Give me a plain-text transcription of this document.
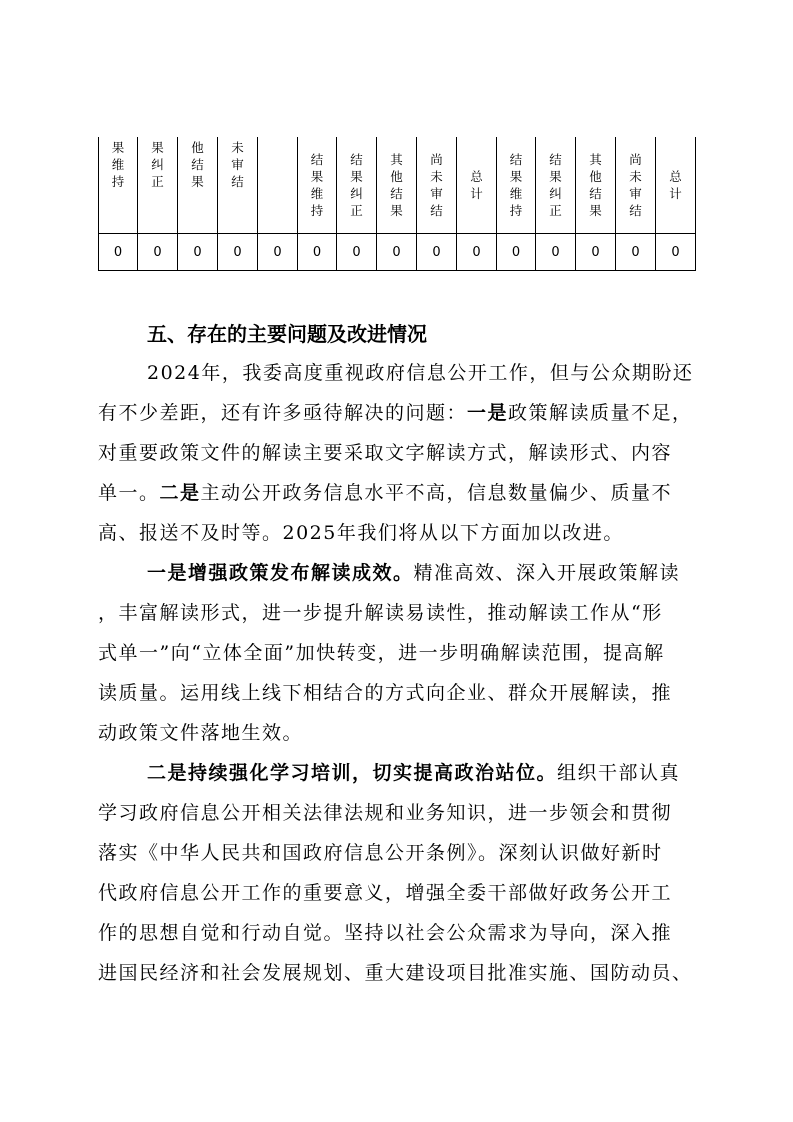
果维持	果纠正	他结果	未审结		结果维持	结果纠正	其他结果	尚未审结	总计	结果维持	结果纠正	其他结果	尚未审结	总计
0	0	0	0	0	0	0	0	0	0	0	0	0	0	0
五、存在的主要问题及改进情况
2024年，我委高度重视政府信息公开工作，但与公众期盼还
有不少差距，还有许多亟待解决的问题：一是政策解读质量不足，
对重要政策文件的解读主要采取文字解读方式，解读形式、内容
单一。二是主动公开政务信息水平不高，信息数量偏少、质量不
高、报送不及时等。2025年我们将从以下方面加以改进。
一是增强政策发布解读成效。精准高效、深入开展政策解读
，丰富解读形式，进一步提升解读易读性，推动解读工作从“形
式单一”向“立体全面”加快转变，进一步明确解读范围，提高解
读质量。运用线上线下相结合的方式向企业、群众开展解读，推
动政策文件落地生效。
二是持续强化学习培训，切实提高政治站位。组织干部认真
学习政府信息公开相关法律法规和业务知识，进一步领会和贯彻
落实《中华人民共和国政府信息公开条例》。深刻认识做好新时
代政府信息公开工作的重要意义，增强全委干部做好政务公开工
作的思想自觉和行动自觉。坚持以社会公众需求为导向，深入推
进国民经济和社会发展规划、重大建设项目批准实施、国防动员、
